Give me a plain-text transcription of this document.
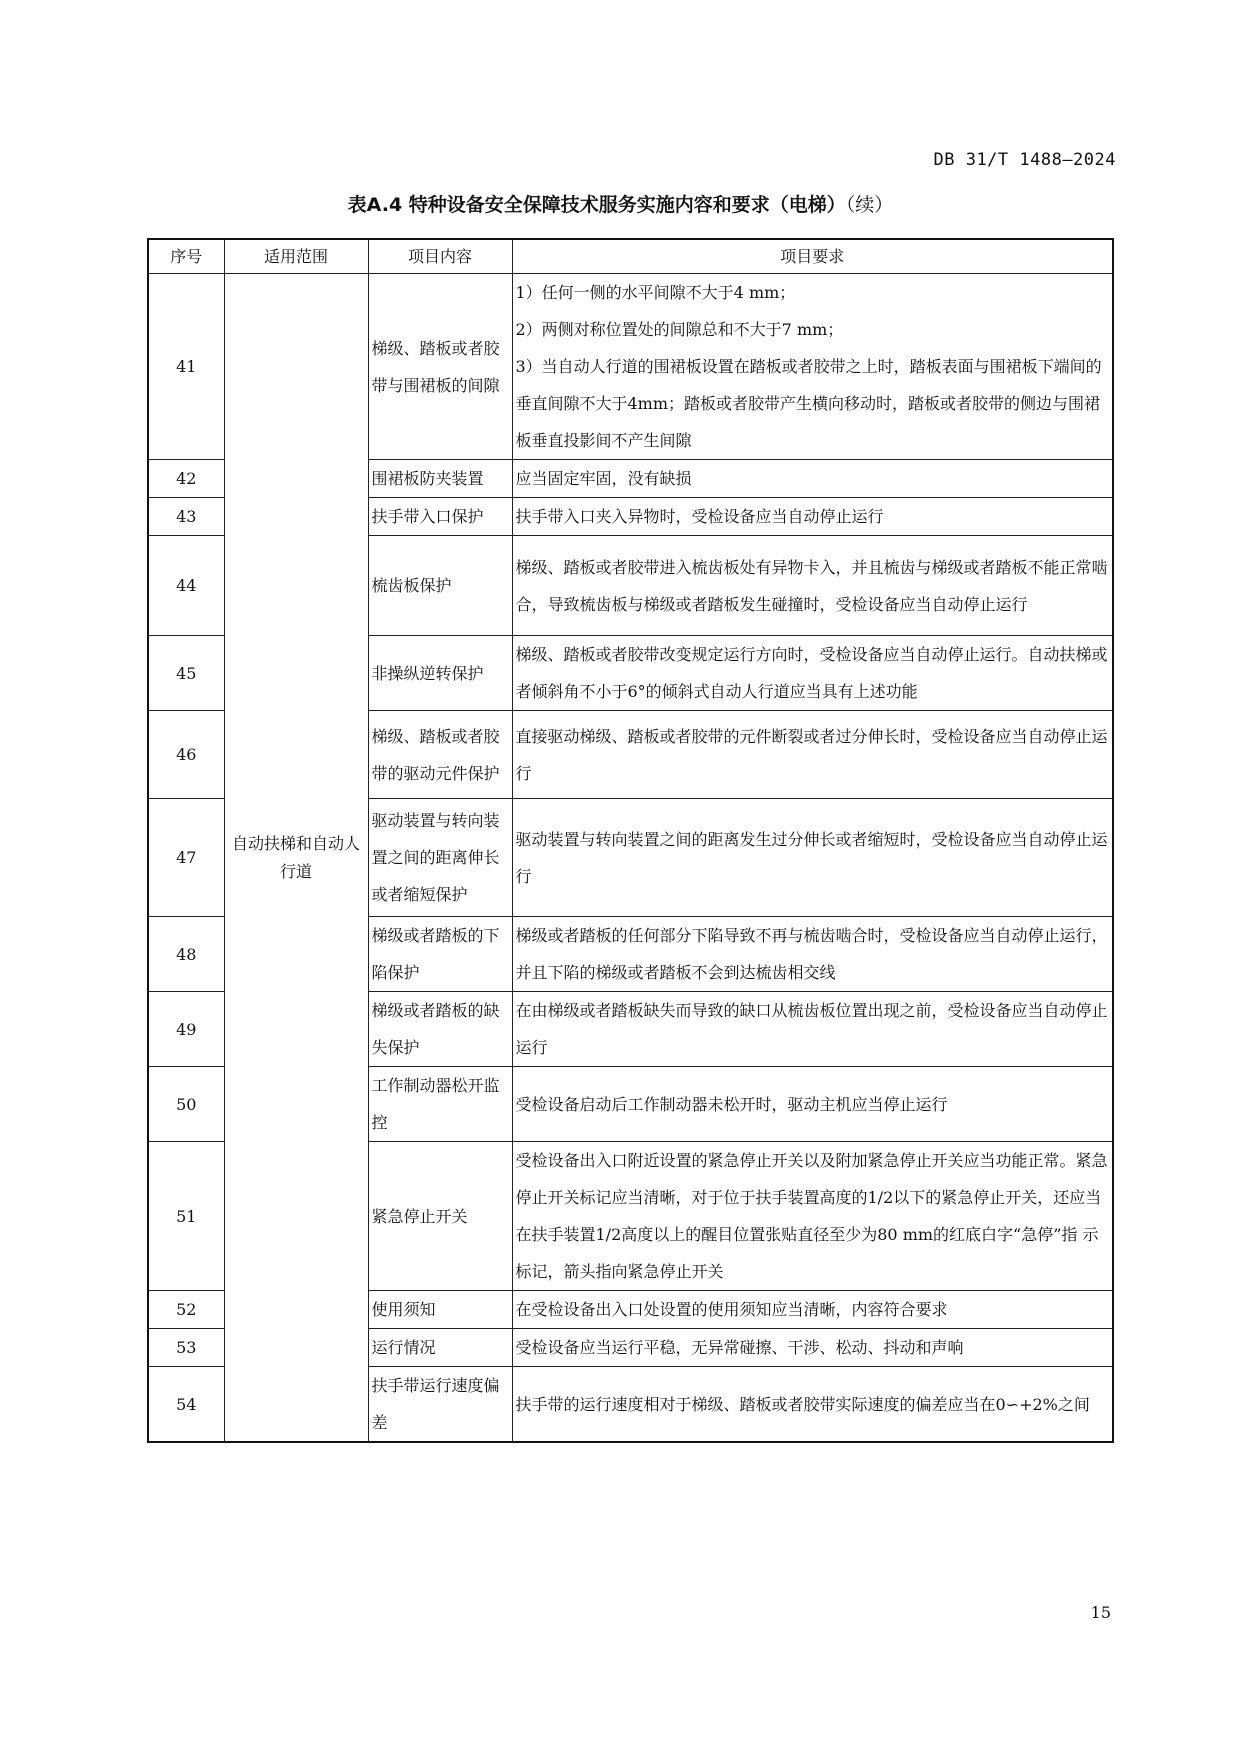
DB 31/T 1488—2024
表A.4 特种设备安全保障技术服务实施内容和要求（电梯）（续）
序号	适用范围	项目内容	项目要求
41	自动扶梯和自动人行道	梯级、踏板或者胶带与围裙板的间隙	1）任何一侧的水平间隙不大于4 mm；
2）两侧对称位置处的间隙总和不大于7 mm；
3）当自动人行道的围裙板设置在踏板或者胶带之上时，踏板表面与围裙板下端间的垂直间隙不大于4mm；踏板或者胶带产生横向移动时，踏板或者胶带的侧边与围裙板垂直投影间不产生间隙

42		围裙板防夹装置	应当固定牢固，没有缺损

43		扶手带入口保护	扶手带入口夹入异物时，受检设备应当自动停止运行

44		梳齿板保护	梯级、踏板或者胶带进入梳齿板处有异物卡入，并且梳齿与梯级或者踏板不能正常啮合，导致梳齿板与梯级或者踏板发生碰撞时，受检设备应当自动停止运行

45		非操纵逆转保护	梯级、踏板或者胶带改变规定运行方向时，受检设备应当自动停止运行。自动扶梯或者倾斜角不小于6°的倾斜式自动人行道应当具有上述功能

46		梯级、踏板或者胶带的驱动元件保护	直接驱动梯级、踏板或者胶带的元件断裂或者过分伸长时，受检设备应当自动停止运行

47		驱动装置与转向装置之间的距离伸长或者缩短保护	驱动装置与转向装置之间的距离发生过分伸长或者缩短时，受检设备应当自动停止运行

48		梯级或者踏板的下陷保护	梯级或者踏板的任何部分下陷导致不再与梳齿啮合时，受检设备应当自动停止运行，并且下陷的梯级或者踏板不会到达梳齿相交线

49		梯级或者踏板的缺失保护	在由梯级或者踏板缺失而导致的缺口从梳齿板位置出现之前，受检设备应当自动停止运行

50		工作制动器松开监控	受检设备启动后工作制动器未松开时，驱动主机应当停止运行

51		紧急停止开关	受检设备出入口附近设置的紧急停止开关以及附加紧急停止开关应当功能正常。紧急停止开关标记应当清晰，对于位于扶手装置高度的1/2以下的紧急停止开关，还应当在扶手装置1/2高度以上的醒目位置张贴直径至少为80 mm的红底白字“急停”指 示标记，箭头指向紧急停止开关

52		使用须知	在受检设备出入口处设置的使用须知应当清晰，内容符合要求

53		运行情况	受检设备应当运行平稳，无异常碰擦、干涉、松动、抖动和声响

54		扶手带运行速度偏差	扶手带的运行速度相对于梯级、踏板或者胶带实际速度的偏差应当在0∽+2%之间
15
